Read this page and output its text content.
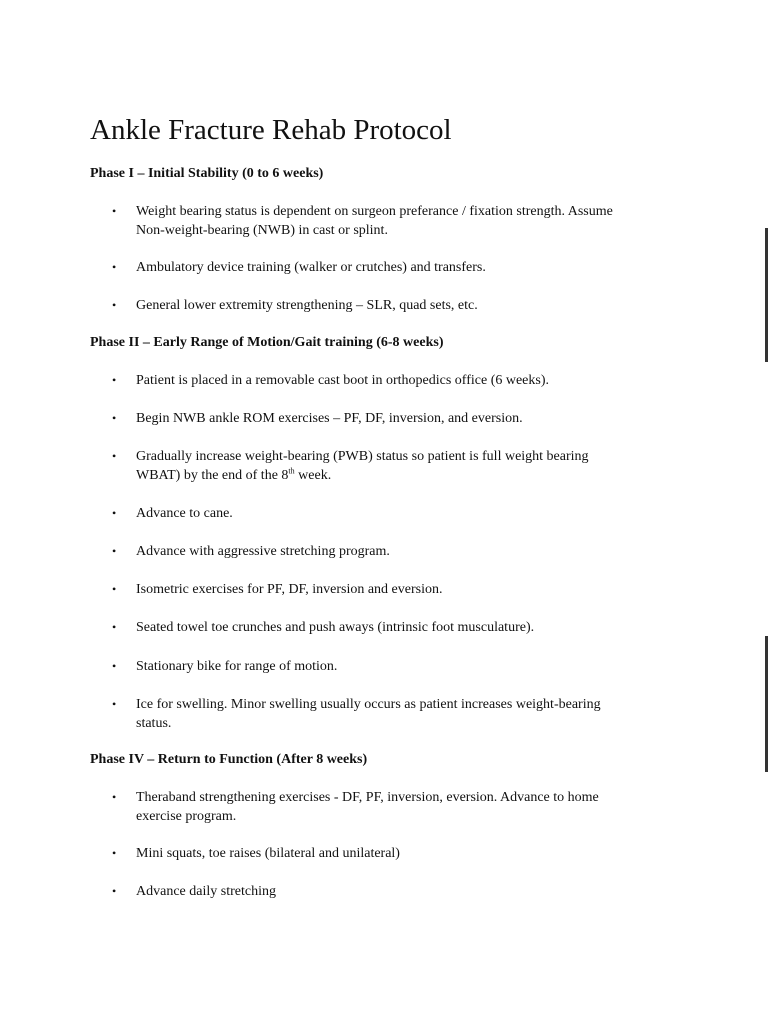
Ankle Fracture Rehab Protocol
Phase I – Initial Stability (0 to 6 weeks)
• Weight bearing status is dependent on surgeon preferance / fixation strength. Assume Non-weight-bearing (NWB) in cast or splint.
• Ambulatory device training (walker or crutches) and transfers.
• General lower extremity strengthening – SLR, quad sets, etc.
Phase II – Early Range of Motion/Gait training (6-8 weeks)
• Patient is placed in a removable cast boot in orthopedics office (6 weeks).
• Begin NWB ankle ROM exercises – PF, DF, inversion, and eversion.
• Gradually increase weight-bearing (PWB) status so patient is full weight bearing WBAT) by the end of the 8th week.
• Advance to cane.
• Advance with aggressive stretching program.
• Isometric exercises for PF, DF, inversion and eversion.
• Seated towel toe crunches and push aways (intrinsic foot musculature).
• Stationary bike for range of motion.
• Ice for swelling. Minor swelling usually occurs as patient increases weight-bearing status.
Phase IV – Return to Function (After 8 weeks)
• Theraband strengthening exercises - DF, PF, inversion, eversion. Advance to home exercise program.
• Mini squats, toe raises (bilateral and unilateral)
• Advance daily stretching
